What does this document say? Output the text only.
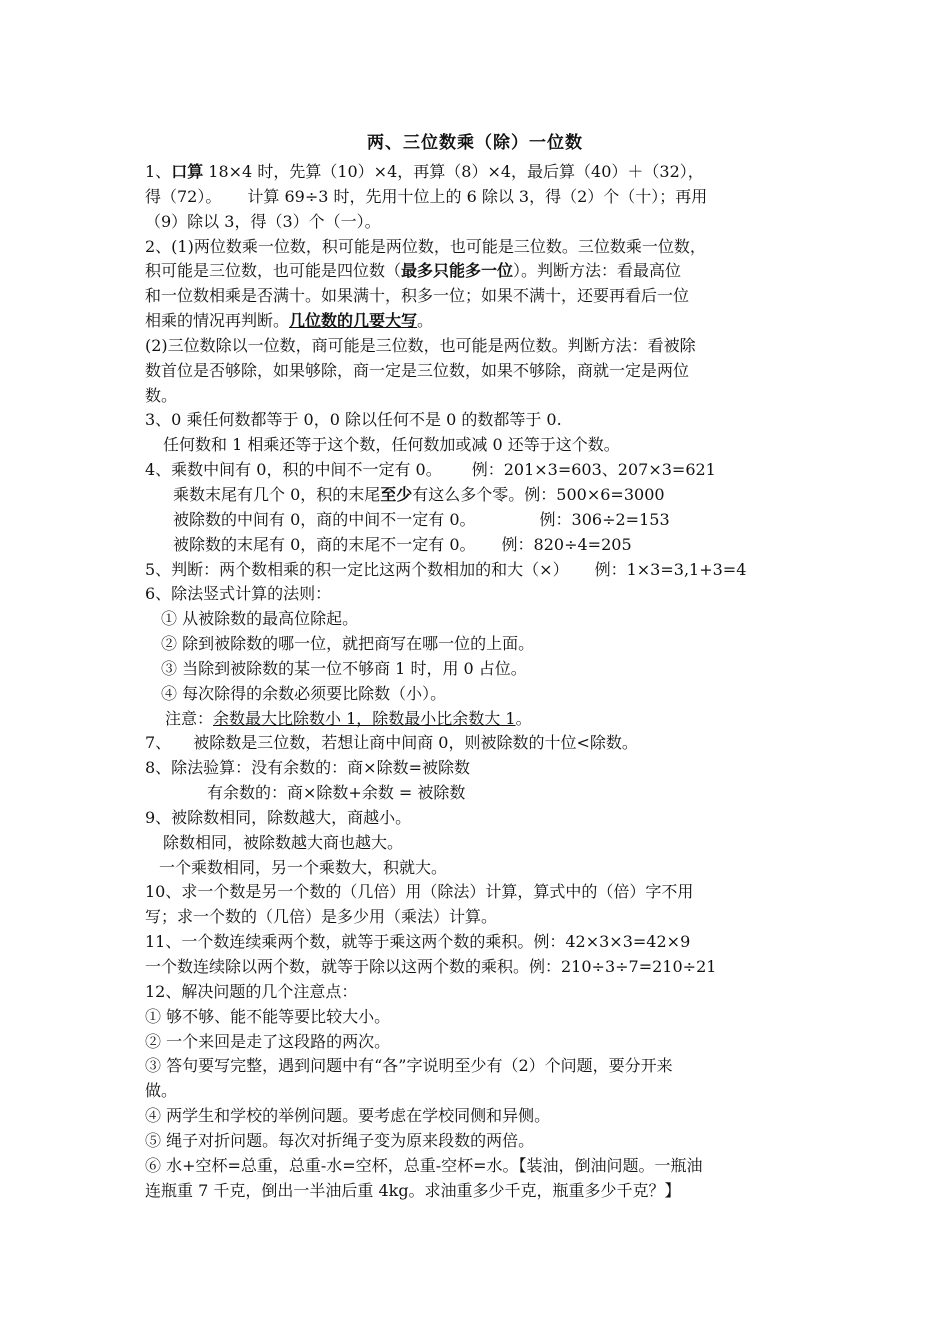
两、三位数乘（除）一位数
1、口算 18×4 时，先算（10）×4，再算（8）×4，最后算（40）＋（32），
得（72）。 计算 69÷3 时，先用十位上的 6 除以 3，得（2）个（十）；再用
（9）除以 3，得（3）个（一）。
2、(1)两位数乘一位数，积可能是两位数，也可能是三位数。三位数乘一位数，
积可能是三位数，也可能是四位数（最多只能多一位）。判断方法：看最高位
和一位数相乘是否满十。如果满十，积多一位；如果不满十，还要再看后一位
相乘的情况再判断。几位数的几要大写。
(2)三位数除以一位数，商可能是三位数，也可能是两位数。判断方法：看被除
数首位是否够除，如果够除，商一定是三位数，如果不够除，商就一定是两位
数。
3、0 乘任何数都等于 0，0 除以任何不是 0 的数都等于 0.
任何数和 1 相乘还等于这个数，任何数加或减 0 还等于这个数。
4、乘数中间有 0，积的中间不一定有 0。 例：201×3=603、207×3=621
乘数末尾有几个 0，积的末尾至少有这么多个零。例：500×6=3000
被除数的中间有 0，商的中间不一定有 0。	例：306÷2=153
被除数的末尾有 0，商的末尾不一定有 0。 例：820÷4=205
5、判断：两个数相乘的积一定比这两个数相加的和大（×） 例：1×3=3,1+3=4
6、除法竖式计算的法则：
① 从被除数的最高位除起。
② 除到被除数的哪一位，就把商写在哪一位的上面。
③ 当除到被除数的某一位不够商 1 时，用 0 占位。
④ 每次除得的余数必须要比除数（小）。
注意：余数最大比除数小 1，除数最小比余数大 1。
7、 被除数是三位数，若想让商中间商 0，则被除数的十位<除数。
8、除法验算：没有余数的：商×除数=被除数
有余数的：商×除数+余数 = 被除数
9、被除数相同，除数越大，商越小。
除数相同，被除数越大商也越大。
一个乘数相同，另一个乘数大，积就大。
10、求一个数是另一个数的（几倍）用（除法）计算，算式中的（倍）字不用
写；求一个数的（几倍）是多少用（乘法）计算。
11、一个数连续乘两个数，就等于乘这两个数的乘积。例：42×3×3=42×9
一个数连续除以两个数，就等于除以这两个数的乘积。例：210÷3÷7=210÷21
12、解决问题的几个注意点：
① 够不够、能不能等要比较大小。
② 一个来回是走了这段路的两次。
③ 答句要写完整，遇到问题中有“各”字说明至少有（2）个问题，要分开来
做。
④ 两学生和学校的举例问题。要考虑在学校同侧和异侧。
⑤ 绳子对折问题。每次对折绳子变为原来段数的两倍。
⑥ 水+空杯=总重，总重-水=空杯，总重-空杯=水。【装油，倒油问题。一瓶油
连瓶重 7 千克，倒出一半油后重 4kg。求油重多少千克，瓶重多少千克？】
